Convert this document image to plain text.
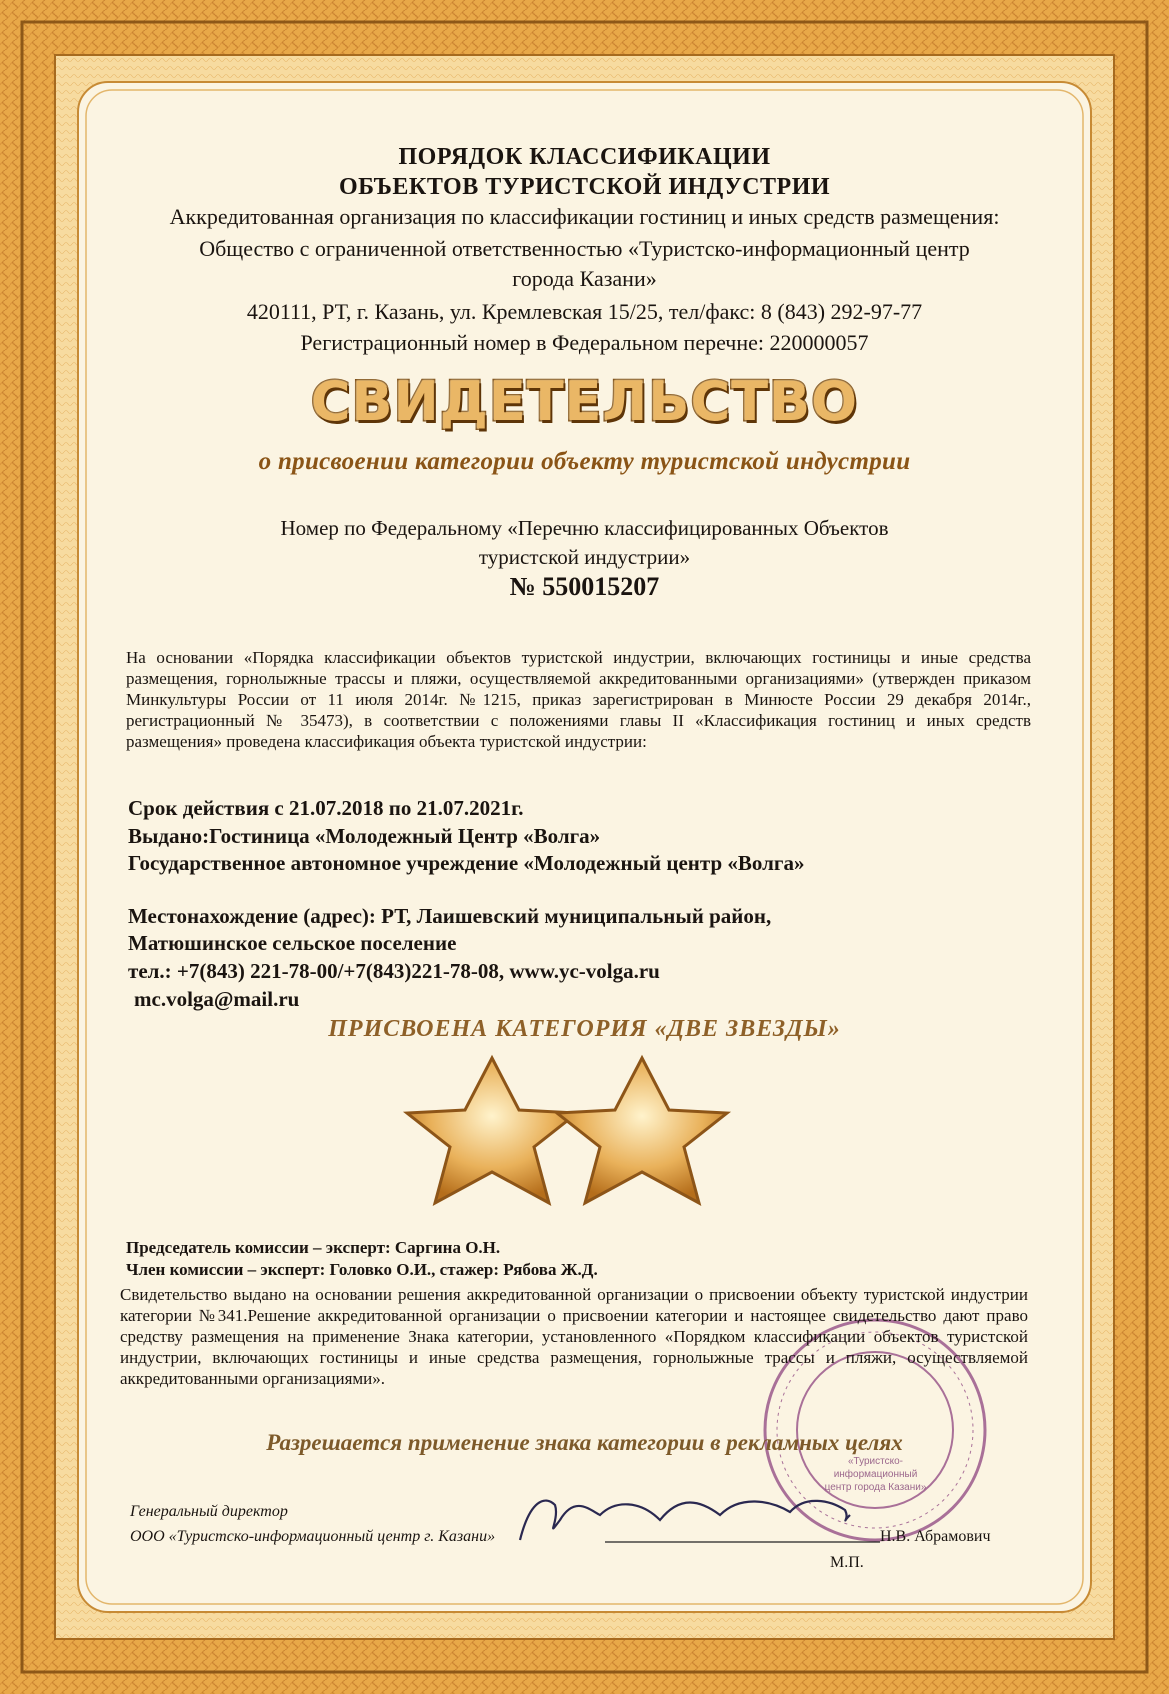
ПОРЯДОК КЛАССИФИКАЦИИ
ОБЪЕКТОВ ТУРИСТСКОЙ ИНДУСТРИИ
Аккредитованная организация по классификации гостиниц и иных средств размещения:
Общество с ограниченной ответственностью «Туристско-информационный центр
города Казани»
420111, РТ, г. Казань, ул. Кремлевская 15/25, тел/факс: 8 (843) 292-97-77
Регистрационный номер в Федеральном перечне: 220000057
СВИДЕТЕЛЬСТВО
о присвоении категории объекту туристской индустрии
Номер по Федеральному «Перечню классифицированных Объектов
туристской индустрии»
№ 550015207
На основании «Порядка классификации объектов туристской индустрии, включающих гостиницы и иные средства размещения, горнолыжные трассы и пляжи, осуществляемой аккредитованными организациями» (утвержден приказом Минкультуры России от 11 июля 2014г. №1215, приказ зарегистрирован в Минюсте России 29 декабря 2014г., регистрационный № 35473), в соответствии с положениями главы II «Классификация гостиниц и иных средств размещения» проведена классификация объекта туристской индустрии:
Срок действия с 21.07.2018 по 21.07.2021г.
Выдано:Гостиница «Молодежный Центр «Волга»
Государственное автономное учреждение «Молодежный центр «Волга»
Местонахождение (адрес): РТ, Лаишевский муниципальный район,
Матюшинское сельское поселение
тел.: +7(843) 221-78-00/+7(843)221-78-08, www.yc-volga.ru
mc.volga@mail.ru
ПРИСВОЕНА КАТЕГОРИЯ «ДВЕ ЗВЕЗДЫ»
Председатель комиссии – эксперт: Саргина О.Н.
Член комиссии – эксперт: Головко О.И., стажер: Рябова Ж.Д.
Свидетельство выдано на основании решения аккредитованной организации о присвоении объекту туристской индустрии категории №341.Решение аккредитованной организации о присвоении категории и настоящее свидетельство дают право средству размещения на применение Знака категории, установленного «Порядком классификации объектов туристской индустрии, включающих гостиницы и иные средства размещения, горнолыжные трассы и пляжи, осуществляемой аккредитованными организациями».
Разрешается применение знака категории в рекламных целях
Генеральный директор
ООО «Туристско-информационный центр г. Казани»	Н.В. Абрамович
М.П.
«Туристско- информационный центр города Казани»
